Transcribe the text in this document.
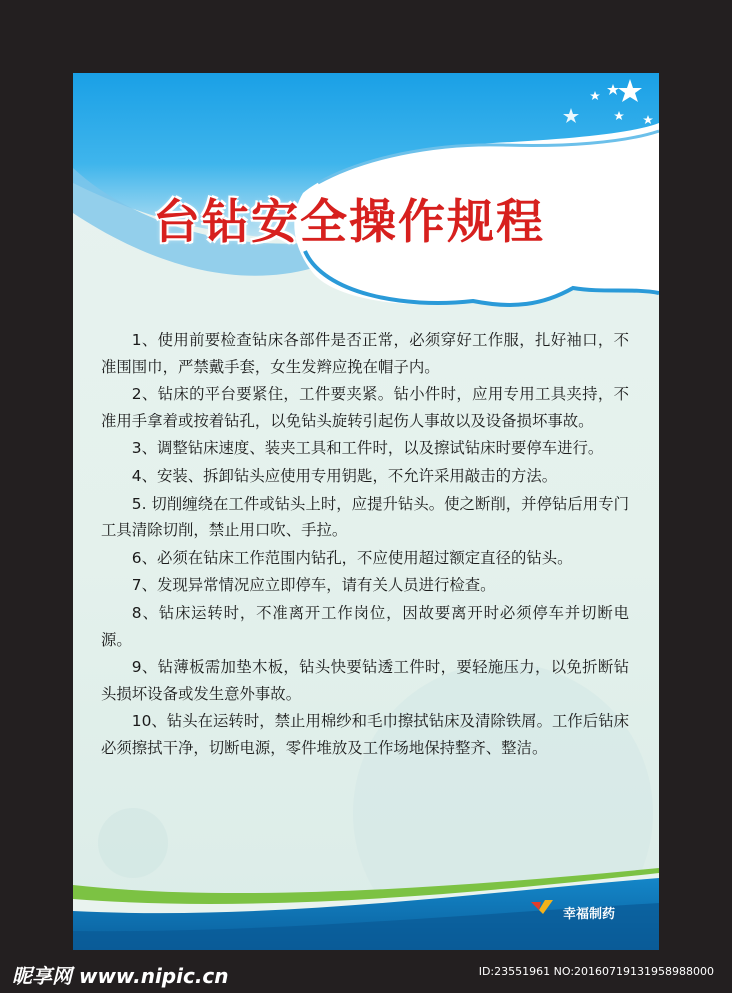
台钻安全操作规程

1、使用前要检查钻床各部件是否正常，必须穿好工作服，扎好袖口，不准围围巾，严禁戴手套，女生发辫应挽在帽子内。

2、钻床的平台要紧住，工件要夹紧。钻小件时，应用专用工具夹持，不准用手拿着或按着钻孔，以免钻头旋转引起伤人事故以及设备损坏事故。

3、调整钻床速度、装夹工具和工件时，以及擦试钻床时要停车进行。

4、安装、拆卸钻头应使用专用钥匙，不允许采用敲击的方法。

5. 切削缠绕在工件或钻头上时，应提升钻头。使之断削，并停钻后用专门工具清除切削，禁止用口吹、手拉。

6、必须在钻床工作范围内钻孔，不应使用超过额定直径的钻头。

7、发现异常情况应立即停车，请有关人员进行检查。

8、钻床运转时，不准离开工作岗位，因故要离开时必须停车并切断电源。

9、钻薄板需加垫木板，钻头快要钻透工件时，要轻施压力，以免折断钻头损坏设备或发生意外事故。

10、钻头在运转时，禁止用棉纱和毛巾擦拭钻床及清除铁屑。工作后钻床必须擦拭干净，切断电源，零件堆放及工作场地保持整齐、整洁。

幸福制药
昵享网 www.nipic.cn	ID:23551961 NO:20160719131958988000
